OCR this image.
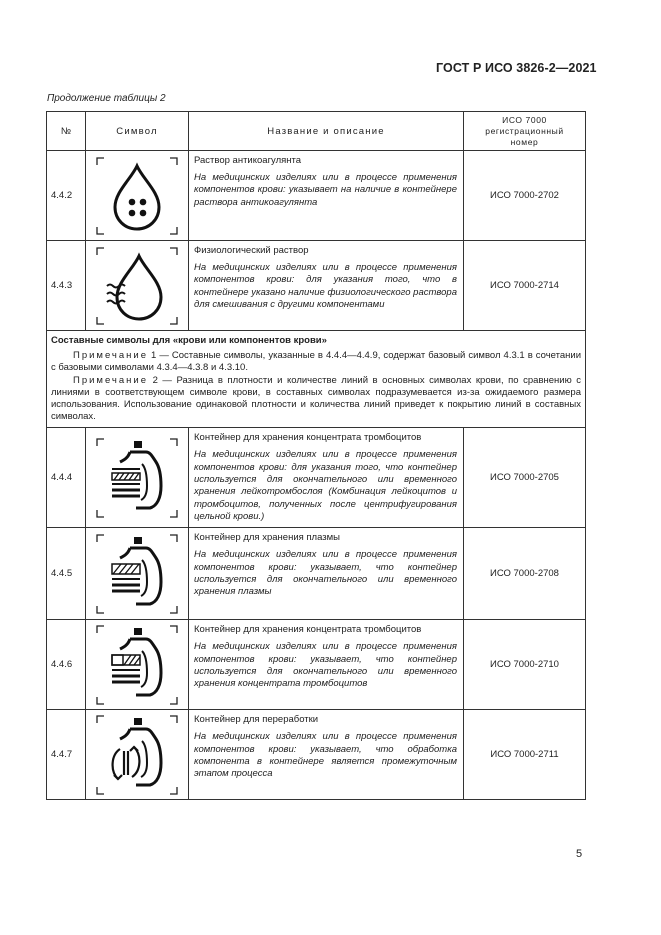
ГОСТ Р ИСО 3826-2—2021
Продолжение таблицы 2
№	Символ	Название и описание	ИСО 7000
регистрационный
номер

4.4.2		Раствор антикоагулянта
На медицинских изделиях или в процессе применения компонентов крови: указывает на наличие в контейнере раствора антикоагулянта	ИСО 7000-2702
4.4.3		Физиологический раствор
На медицинских изделиях или в процессе применения компонентов крови: для указания того, что в контейнере указано наличие физиологического раствора для смешивания с другими компонентами	ИСО 7000-2714

Составные символы для «крови или компонентов крови»
Примечание 1 — Составные символы, указанные в 4.4.4—4.4.9, содержат базовый символ 4.3.1 в сочетании с базовыми символами 4.3.4—4.3.8 и 4.3.10.
Примечание 2 — Разница в плотности и количестве линий в основных символах крови, по сравнению с линиями в соответствующем символе крови, в составных символах подразумевается из-за ожидаемого размера использования. Использование одинаковой плотности и количества линий приведет к покрытию линий в составных символах.			

4.4.4		Контейнер для хранения концентрата тромбоцитов
На медицинских изделиях или в процессе применения компонентов крови: для указания того, что контейнер используется для окончательного или временного хранения лейкотромбослоя (Комбинация лейкоцитов и тромбоцитов, полученных после центрифугирования цельной крови.)	ИСО 7000-2705
4.4.5		Контейнер для хранения плазмы
На медицинских изделиях или в процессе применения компонентов крови: указывает, что контейнер используется для окончательного или временного хранения плазмы	ИСО 7000-2708
4.4.6		Контейнер для хранения концентрата тромбоцитов
На медицинских изделиях или в процессе применения компонентов крови: указывает, что контейнер используется для окончательного или временного хранения концентрата тромбоцитов	ИСО 7000-2710
4.4.7		Контейнер для переработки
На медицинских изделиях или в процессе применения компонентов крови: указывает, что обработка компонента в контейнере является промежуточным этапом процесса	ИСО 7000-2711
5
